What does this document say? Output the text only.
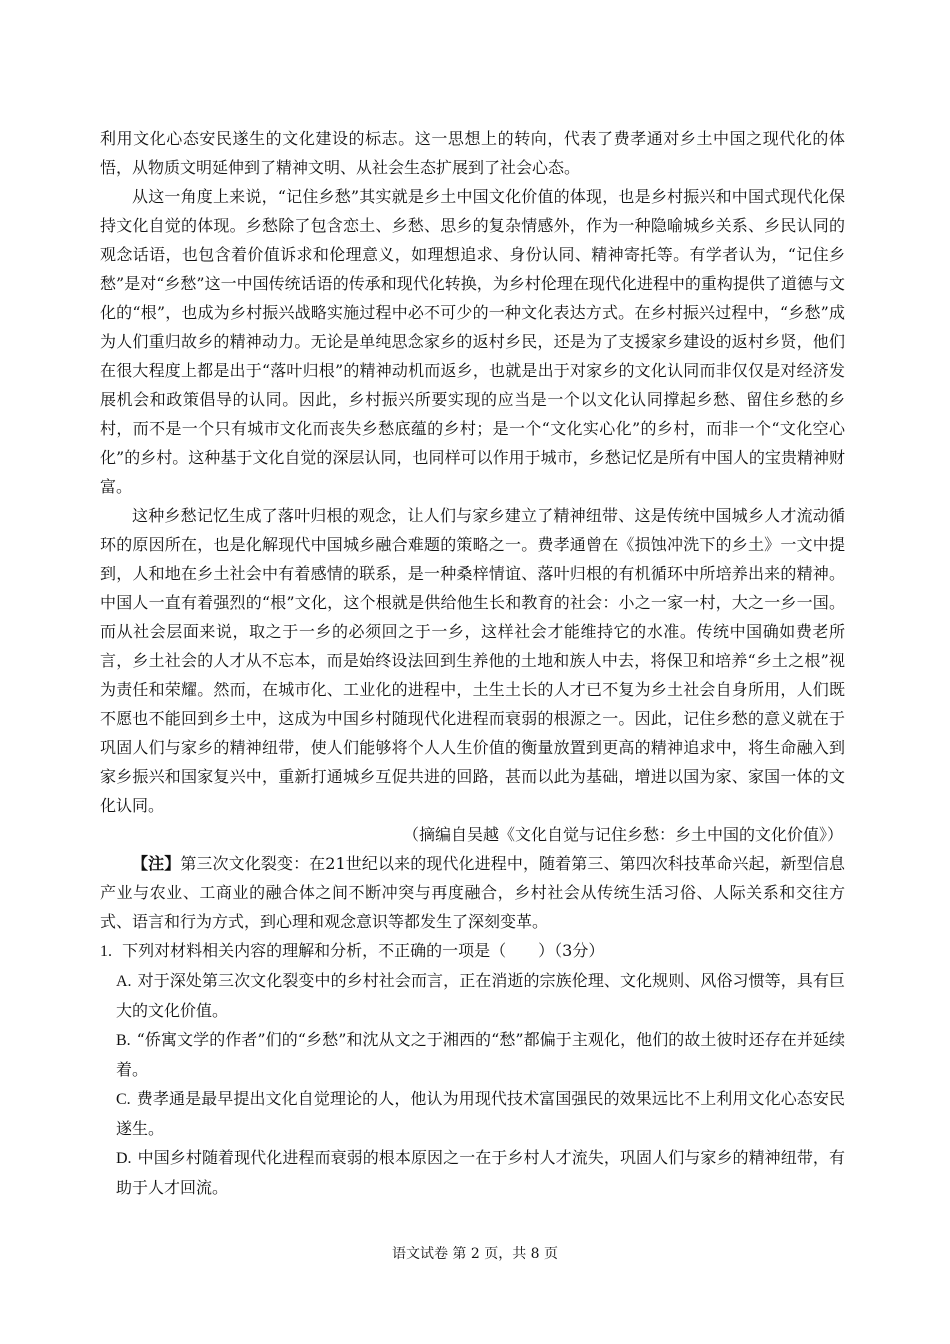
利用文化心态安民遂生的文化建设的标志。这一思想上的转向，代表了费孝通对乡土中国之现代化的体悟，从物质文明延伸到了精神文明、从社会生态扩展到了社会心态。

从这一角度上来说，“记住乡愁”其实就是乡土中国文化价值的体现，也是乡村振兴和中国式现代化保持文化自觉的体现。乡愁除了包含恋土、乡愁、思乡的复杂情感外，作为一种隐喻城乡关系、乡民认同的观念话语，也包含着价值诉求和伦理意义，如理想追求、身份认同、精神寄托等。有学者认为，“记住乡愁”是对“乡愁”这一中国传统话语的传承和现代化转换，为乡村伦理在现代化进程中的重构提供了道德与文化的“根”，也成为乡村振兴战略实施过程中必不可少的一种文化表达方式。在乡村振兴过程中，“乡愁”成为人们重归故乡的精神动力。无论是单纯思念家乡的返村乡民，还是为了支援家乡建设的返村乡贤，他们在很大程度上都是出于“落叶归根”的精神动机而返乡，也就是出于对家乡的文化认同而非仅仅是对经济发展机会和政策倡导的认同。因此，乡村振兴所要实现的应当是一个以文化认同撑起乡愁、留住乡愁的乡村，而不是一个只有城市文化而丧失乡愁底蕴的乡村；是一个“文化实心化”的乡村，而非一个“文化空心化”的乡村。这种基于文化自觉的深层认同，也同样可以作用于城市，乡愁记忆是所有中国人的宝贵精神财富。

这种乡愁记忆生成了落叶归根的观念，让人们与家乡建立了精神纽带、这是传统中国城乡人才流动循环的原因所在，也是化解现代中国城乡融合难题的策略之一。费孝通曾在《损蚀冲洗下的乡土》一文中提到，人和地在乡土社会中有着感情的联系，是一种桑梓情谊、落叶归根的有机循环中所培养出来的精神。中国人一直有着强烈的“根”文化，这个根就是供给他生长和教育的社会：小之一家一村，大之一乡一国。而从社会层面来说，取之于一乡的必须回之于一乡，这样社会才能维持它的水准。传统中国确如费老所言，乡土社会的人才从不忘本，而是始终设法回到生养他的土地和族人中去，将保卫和培养“乡土之根”视为责任和荣耀。然而，在城市化、工业化的进程中，土生土长的人才已不复为乡土社会自身所用，人们既不愿也不能回到乡土中，这成为中国乡村随现代化进程而衰弱的根源之一。因此，记住乡愁的意义就在于巩固人们与家乡的精神纽带，使人们能够将个人人生价值的衡量放置到更高的精神追求中，将生命融入到家乡振兴和国家复兴中，重新打通城乡互促共进的回路，甚而以此为基础，增进以国为家、家国一体的文化认同。

（摘编自吴越《文化自觉与记住乡愁：乡土中国的文化价值》）

【注】第三次文化裂变：在21世纪以来的现代化进程中，随着第三、第四次科技革命兴起，新型信息产业与农业、工商业的融合体之间不断冲突与再度融合，乡村社会从传统生活习俗、人际关系和交往方式、语言和行为方式，到心理和观念意识等都发生了深刻变革。

1. 下列对材料相关内容的理解和分析，不正确的一项是（　　）（3分）

A. 对于深处第三次文化裂变中的乡村社会而言，正在消逝的宗族伦理、文化规则、风俗习惯等，具有巨大的文化价值。

B. “侨寓文学的作者”们的“乡愁”和沈从文之于湘西的“愁”都偏于主观化，他们的故土彼时还存在并延续着。

C. 费孝通是最早提出文化自觉理论的人，他认为用现代技术富国强民的效果远比不上利用文化心态安民遂生。

D. 中国乡村随着现代化进程而衰弱的根本原因之一在于乡村人才流失，巩固人们与家乡的精神纽带，有助于人才回流。

语文试卷 第 2 页，共 8 页
